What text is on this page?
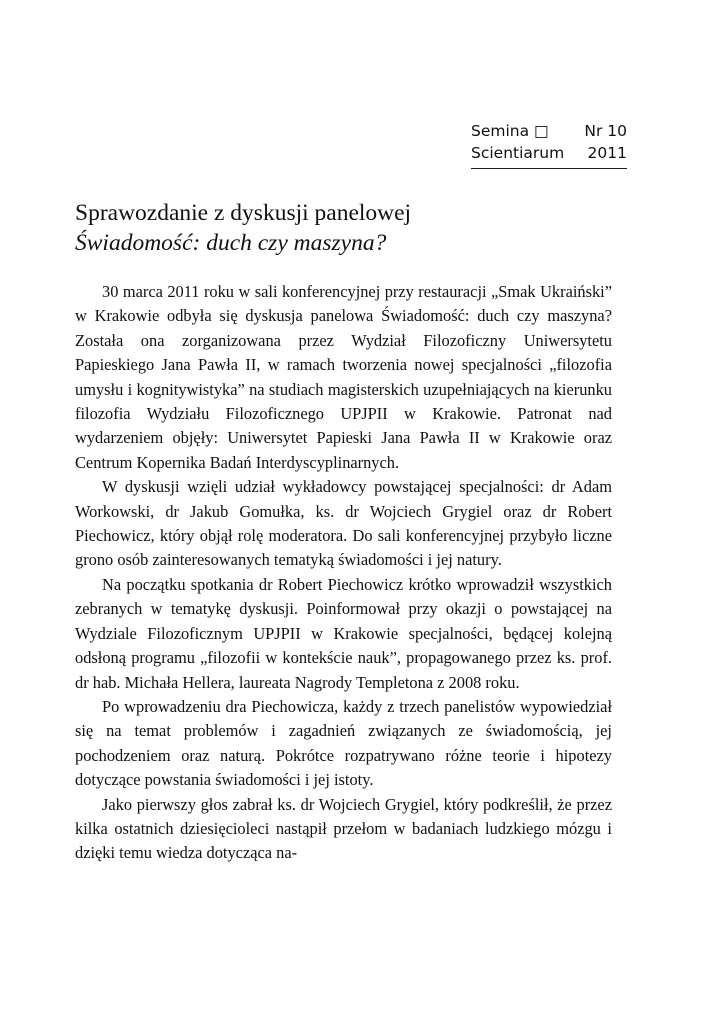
Semina □ Nr 10
Scientiarum 2011
Sprawozdanie z dyskusji panelowej
Świadomość: duch czy maszyna?

30 marca 2011 roku w sali konferencyjnej przy restauracji „Smak Ukraiński” w Krakowie odbyła się dyskusja panelowa Świadomość: duch czy maszyna? Została ona zorganizowana przez Wydział Filozoficzny Uniwersytetu Papieskiego Jana Pawła II, w ramach tworzenia nowej specjalności „filozofia umysłu i kognitywistyka” na studiach magisterskich uzupełniających na kierunku filozofia Wydziału Filozoficznego UPJPII w Krakowie. Patronat nad wydarzeniem objęły: Uniwersytet Papieski Jana Pawła II w Krakowie oraz Centrum Kopernika Badań Interdyscyplinarnych.

W dyskusji wzięli udział wykładowcy powstającej specjalności: dr Adam Workowski, dr Jakub Gomułka, ks. dr Wojciech Grygiel oraz dr Robert Piechowicz, który objął rolę moderatora. Do sali konferencyjnej przybyło liczne grono osób zainteresowanych tematyką świadomości i jej natury.

Na początku spotkania dr Robert Piechowicz krótko wprowadził wszystkich zebranych w tematykę dyskusji. Poinformował przy okazji o powstającej na Wydziale Filozoficznym UPJPII w Krakowie specjalności, będącej kolejną odsłoną programu „filozofii w kontekście nauk”, propagowanego przez ks. prof. dr hab. Michała Hellera, laureata Nagrody Templetona z 2008 roku.

Po wprowadzeniu dra Piechowicza, każdy z trzech panelistów wypowiedział się na temat problemów i zagadnień związanych ze świadomością, jej pochodzeniem oraz naturą. Pokrótce rozpatrywano różne teorie i hipotezy dotyczące powstania świadomości i jej istoty.

Jako pierwszy głos zabrał ks. dr Wojciech Grygiel, który podkreślił, że przez kilka ostatnich dziesięcioleci nastąpił przełom w badaniach ludzkiego mózgu i dzięki temu wiedza dotycząca na-
